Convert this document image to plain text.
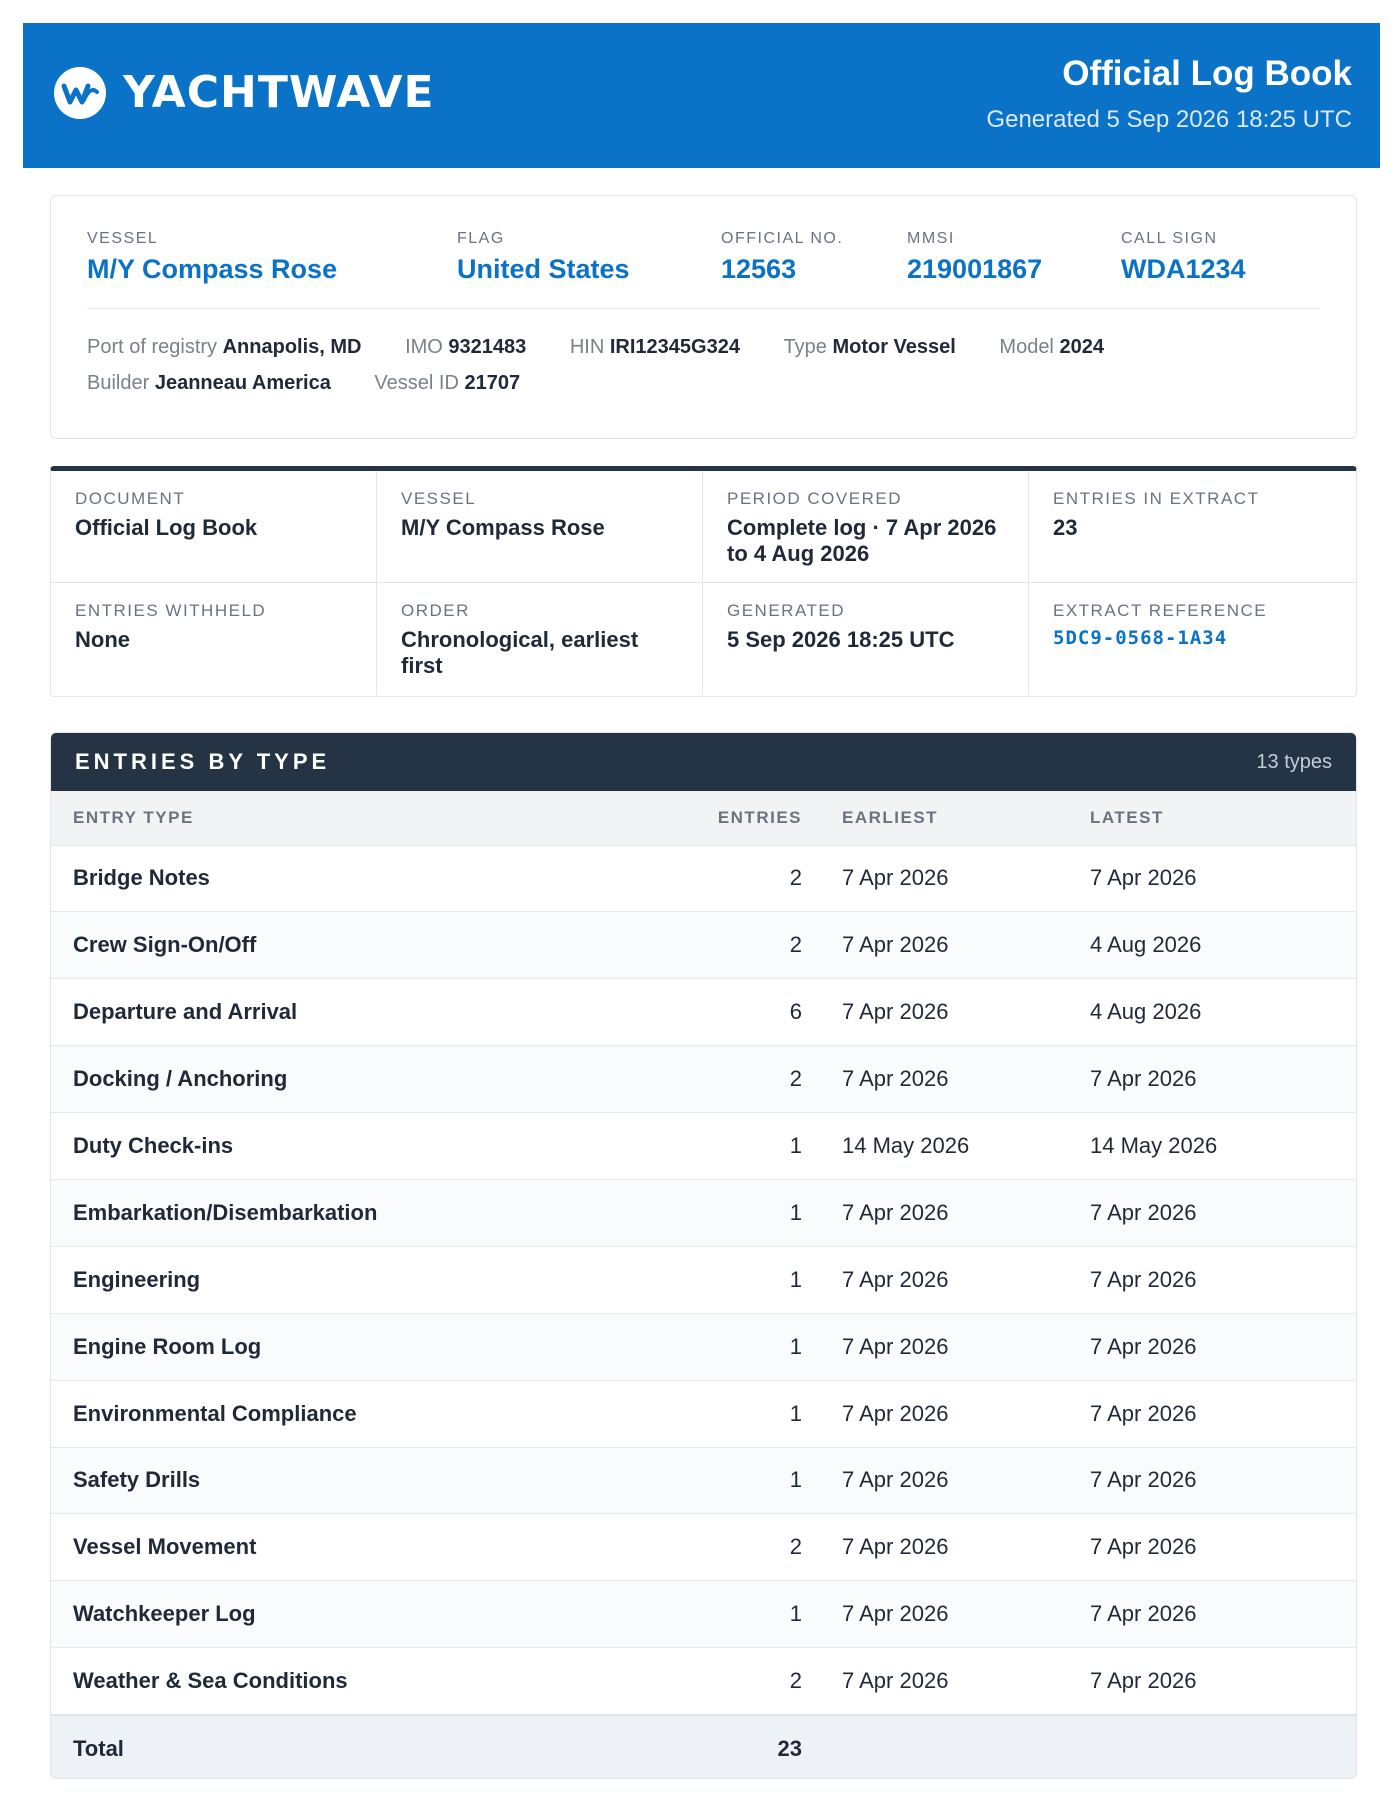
YACHTWAVE	Official Log Book
Generated 5 Sep 2026 18:25 UTC
VESSEL
M/Y Compass Rose
FLAG
United States
OFFICIAL NO.
12563
MMSI
219001867
CALL SIGN
WDA1234
Port of registry Annapolis, MD IMO 9321483 HIN IRI12345G324 Type Motor Vessel Model 2024
Builder Jeanneau America Vessel ID 21707
DOCUMENT
Official Log Book
VESSEL
M/Y Compass Rose
PERIOD COVERED
Complete log · 7 Apr 2026 to 4 Aug 2026
ENTRIES IN EXTRACT
23
ENTRIES WITHHELD
None
ORDER
Chronological, earliest first
GENERATED
5 Sep 2026 18:25 UTC
EXTRACT REFERENCE
5DC9-0568-1A34
ENTRIES BY TYPE	13 types
ENTRY TYPE	ENTRIES	EARLIEST	LATEST
Bridge Notes	2	7 Apr 2026	7 Apr 2026
Crew Sign-On/Off	2	7 Apr 2026	4 Aug 2026
Departure and Arrival	6	7 Apr 2026	4 Aug 2026
Docking / Anchoring	2	7 Apr 2026	7 Apr 2026
Duty Check-ins	1	14 May 2026	14 May 2026
Embarkation/Disembarkation	1	7 Apr 2026	7 Apr 2026
Engineering	1	7 Apr 2026	7 Apr 2026
Engine Room Log	1	7 Apr 2026	7 Apr 2026
Environmental Compliance	1	7 Apr 2026	7 Apr 2026
Safety Drills	1	7 Apr 2026	7 Apr 2026
Vessel Movement	2	7 Apr 2026	7 Apr 2026
Watchkeeper Log	1	7 Apr 2026	7 Apr 2026
Weather & Sea Conditions	2	7 Apr 2026	7 Apr 2026
Total	23		
